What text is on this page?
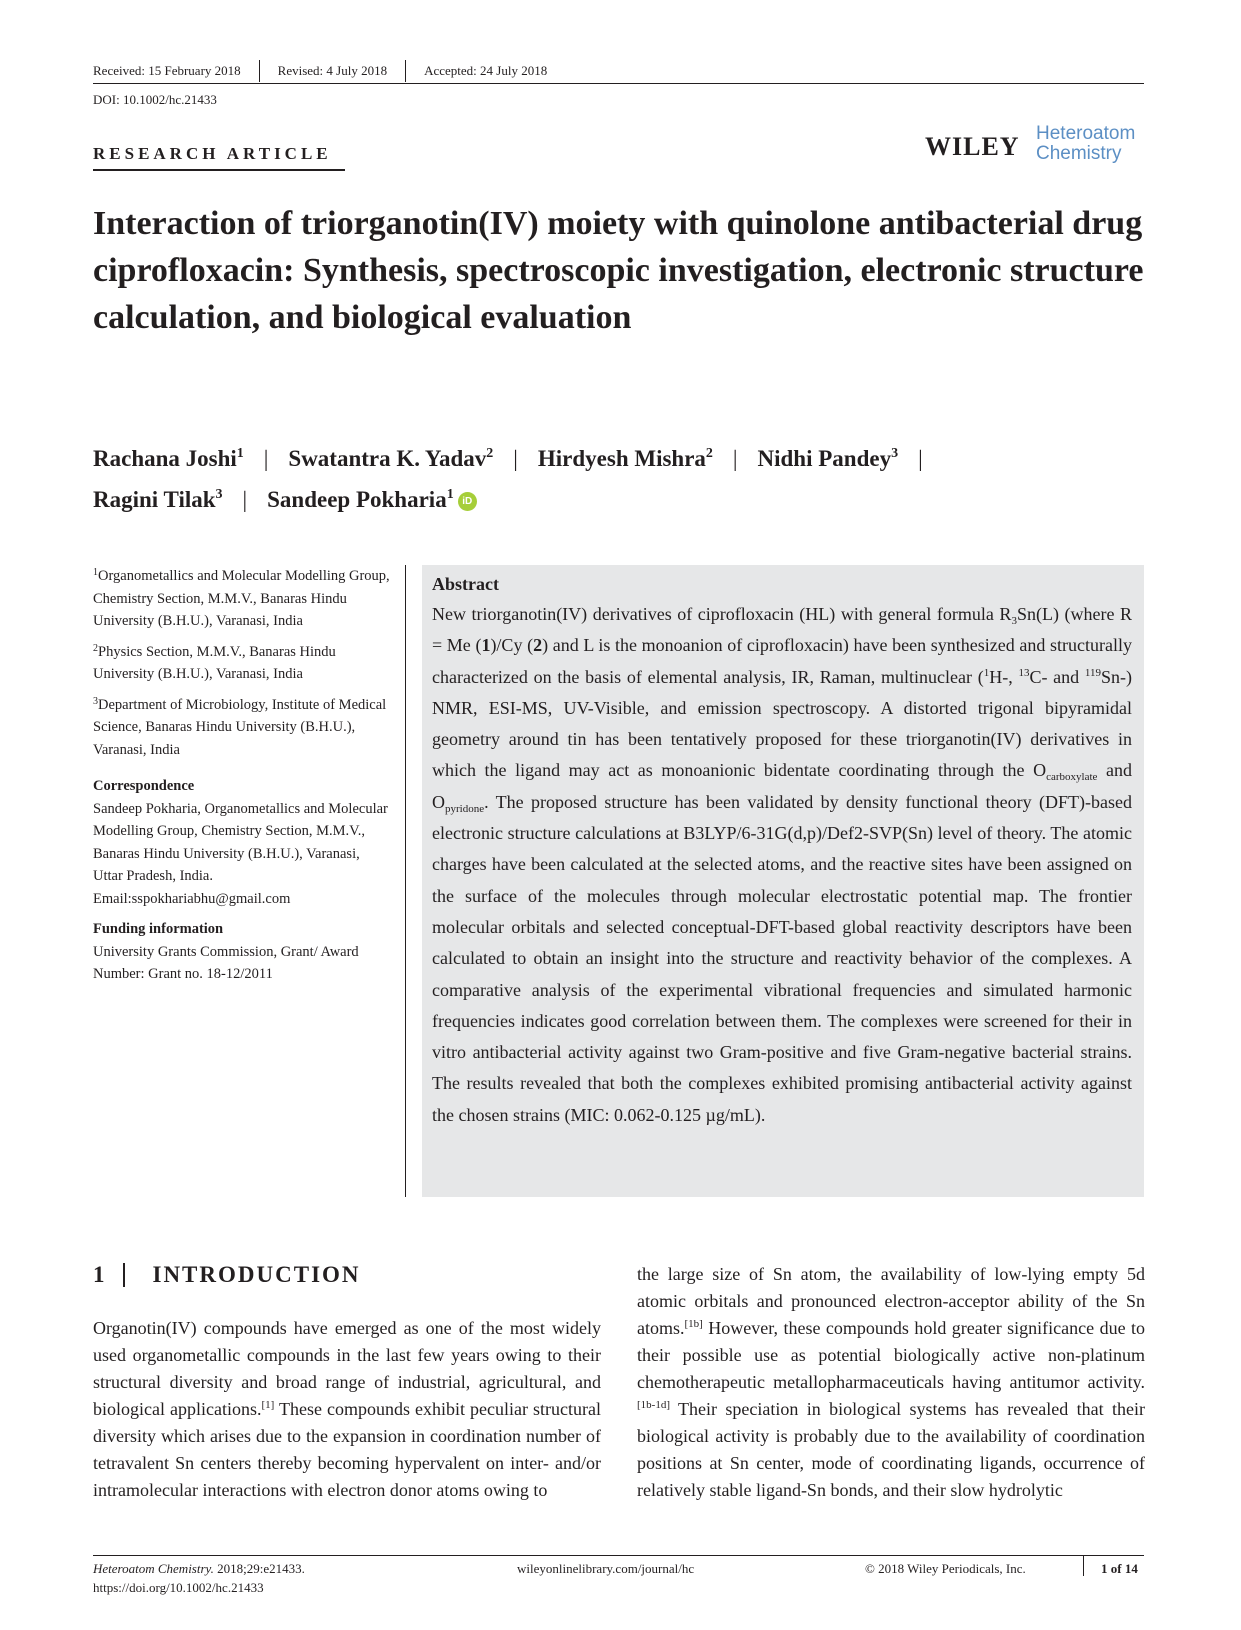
Received: 15 February 2018	Revised: 4 July 2018	Accepted: 24 July 2018
DOI: 10.1002/hc.21433
RESEARCH ARTICLE	WILEY Heteroatom
Chemistry
Interaction of triorganotin(IV) moiety with quinolone antibacterial drug ciprofloxacin: Synthesis, spectroscopic investigation, electronic structure calculation, and biological evaluation
Rachana Joshi$^1$ | Swatantra K. Yadav$^2$ | Hirdyesh Mishra$^2$ | Nidhi Pandey$^3$ |
Ragini Tilak$^3$ | Sandeep Pokharia$^1$ iD

$^1$Organometallics and Molecular Modelling Group, Chemistry Section, M.M.V., Banaras Hindu University (B.H.U.), Varanasi, India

$^2$Physics Section, M.M.V., Banaras Hindu University (B.H.U.), Varanasi, India

$^3$Department of Microbiology, Institute of Medical Science, Banaras Hindu University (B.H.U.), Varanasi, India

Correspondence

Sandeep Pokharia, Organometallics and Molecular Modelling Group, Chemistry Section, M.M.V., Banaras Hindu University (B.H.U.), Varanasi, Uttar Pradesh, India.

Email:sspokhariabhu@gmail.com

Funding information

University Grants Commission, Grant/ Award Number: Grant no. 18-12/2011

Abstract
New triorganotin(IV) derivatives of ciprofloxacin (HL) with general formula $R_3Sn(L)$ (where R = Me (1)/Cy (2) and L is the monoanion of ciprofloxacin) have been synthesized and structurally characterized on the basis of elemental analysis, IR, Raman, multinuclear ($^1$H-, $^{13}$C- and $^{119}$Sn-) NMR, ESI-MS, UV-Visible, and emission spectroscopy. A distorted trigonal bipyramidal geometry around tin has been tentatively proposed for these triorganotin(IV) derivatives in which the ligand may act as monoanionic bidentate coordinating through the $O_{carboxylate}$ and $O_{pyridone}$. The proposed structure has been validated by density functional theory (DFT)-based electronic structure calculations at B3LYP/6-31G(d,p)/Def2-SVP(Sn) level of theory. The atomic charges have been calculated at the selected atoms, and the reactive sites have been assigned on the surface of the molecules through molecular electrostatic potential map. The frontier molecular orbitals and selected conceptual-DFT-based global reactivity descriptors have been calculated to obtain an insight into the structure and reactivity behavior of the complexes. A comparative analysis of the experimental vibrational frequencies and simulated harmonic frequencies indicates good correlation between them. The complexes were screened for their in vitro antibacterial activity against two Gram-positive and five Gram-negative bacterial strains. The results revealed that both the complexes exhibited promising antibacterial activity against the chosen strains (MIC: 0.062-0.125 µg/mL).
1 INTRODUCTION
Organotin(IV) compounds have emerged as one of the most widely used organometallic compounds in the last few years owing to their structural diversity and broad range of industrial, agricultural, and biological applications.[1] These compounds exhibit peculiar structural diversity which arises due to the expansion in coordination number of tetravalent Sn centers thereby becoming hypervalent on inter- and/or intramolecular interactions with electron donor atoms owing to
the large size of Sn atom, the availability of low-lying empty 5d atomic orbitals and pronounced electron-acceptor ability of the Sn atoms.[1b] However, these compounds hold greater significance due to their possible use as potential biologically active non-platinum chemotherapeutic metallopharmaceuticals having antitumor activity.[1b-1d] Their speciation in biological systems has revealed that their biological activity is probably due to the availability of coordination positions at Sn center, mode of coordinating ligands, occurrence of relatively stable ligand-Sn bonds, and their slow hydrolytic
Heteroatom Chemistry. 2018;29:e21433.
https://doi.org/10.1002/hc.21433
wileyonlinelibrary.com/journal/hc	© 2018 Wiley Periodicals, Inc.	1 of 14
